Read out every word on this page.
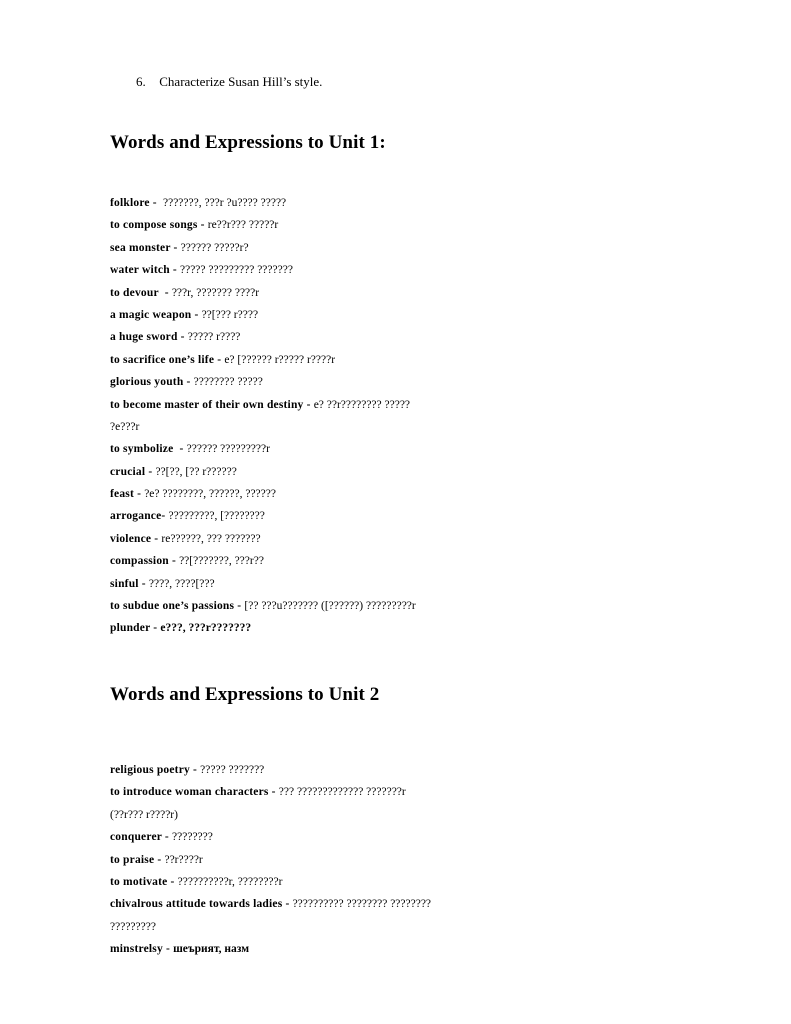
6. Characterize Susan Hill’s style.
Words and Expressions to Unit 1:
folklore -  ???????, ???r ?u???? ?????
to compose songs - re??r??? ?????r
sea monster - ?????? ?????r?
water witch - ????? ????????? ???????
to devour  - ???r, ??????? ????r
a magic weapon - ??[??? r????
a huge sword - ????? r????
to sacrifice one’s life - e? [?????? r????? r????r
glorious youth - ???????? ?????
to become master of their own destiny - e? ??r???????? ?????
?e???r
to symbolize  - ?????? ?????????r
crucial - ??[??, [?? r??????
feast - ?e? ????????, ??????, ??????
arrogance- ?????????, [????????
violence - re??????, ??? ???????
compassion - ??[???????, ???r??
sinful - ????, ????[???
to subdue one’s passions - [?? ???u??????? ([??????) ?????????r
plunder - e???, ???r???????
Words and Expressions to Unit 2
religious poetry - ????? ???????
to introduce woman characters - ??? ????????????? ???????r
(??r??? r????r)
conquerer - ????????
to praise - ??r????r
to motivate - ??????????r, ????????r
chivalrous attitude towards ladies - ?????????? ???????? ????????
?????????
minstrelsy - шеърият, назм
